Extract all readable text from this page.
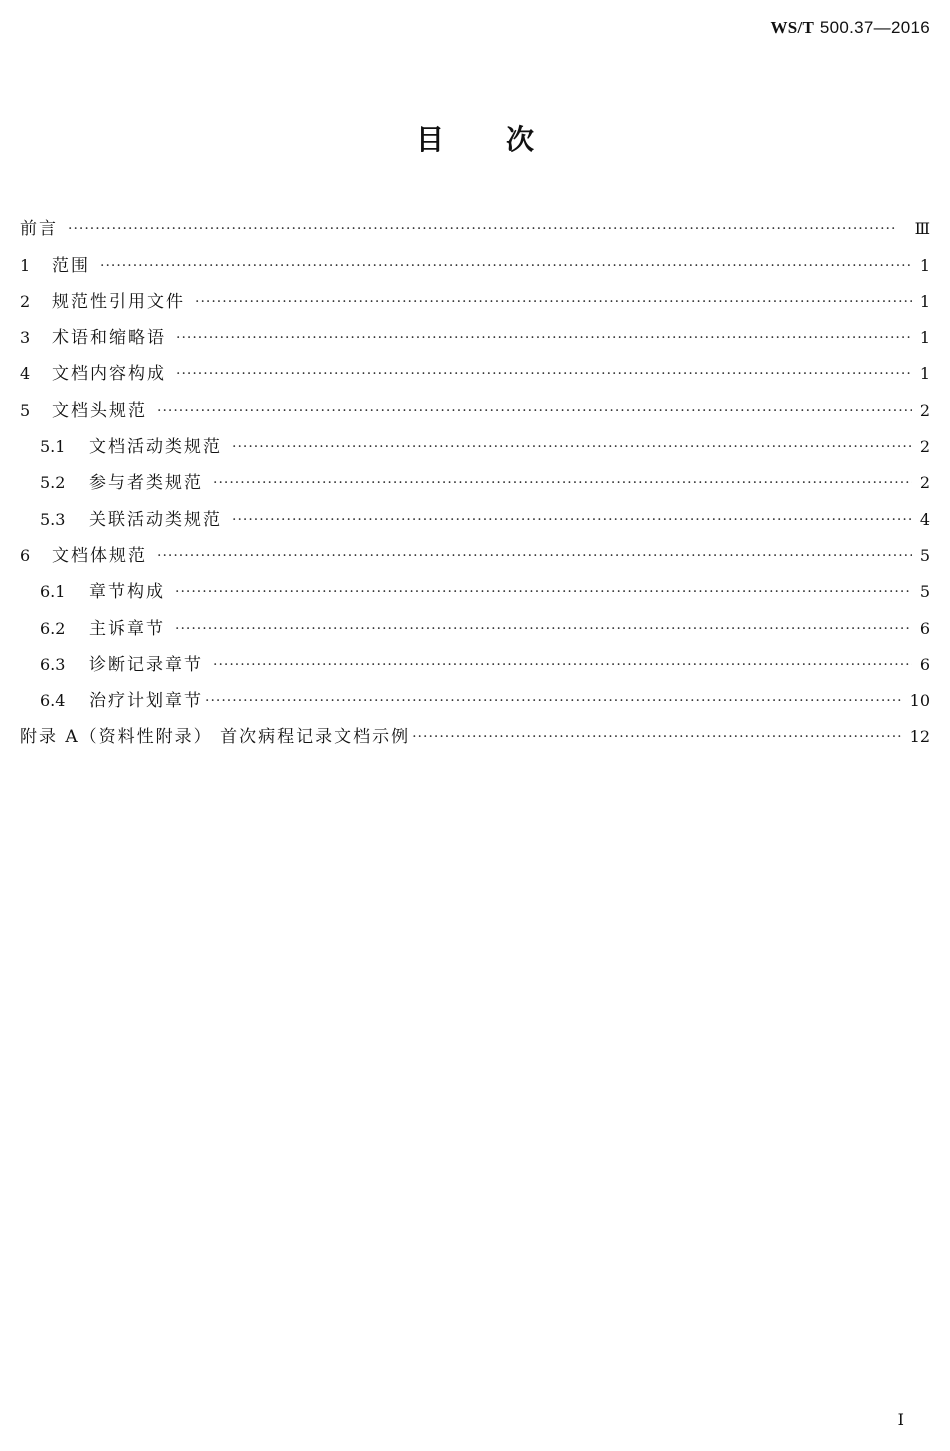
WS/T 500.37—2016
目次
前言 ·····	Ⅲ
1	范围 ·····	1
2	规范性引用文件 ·····	1
3	术语和缩略语 ·····	1
4	文档内容构成 ·····	1
5	文档头规范 ·····	2
5.1	文档活动类规范 ·····	2
5.2	参与者类规范 ·····	2
5.3	关联活动类规范 ·····	4
6	文档体规范 ·····	5
6.1	章节构成 ·····	5
6.2	主诉章节 ·····	6
6.3	诊断记录章节 ·····	6
6.4	治疗计划章节 ·····	10
附录 A（资料性附录） 首次病程记录文档示例 ·····	12
I
